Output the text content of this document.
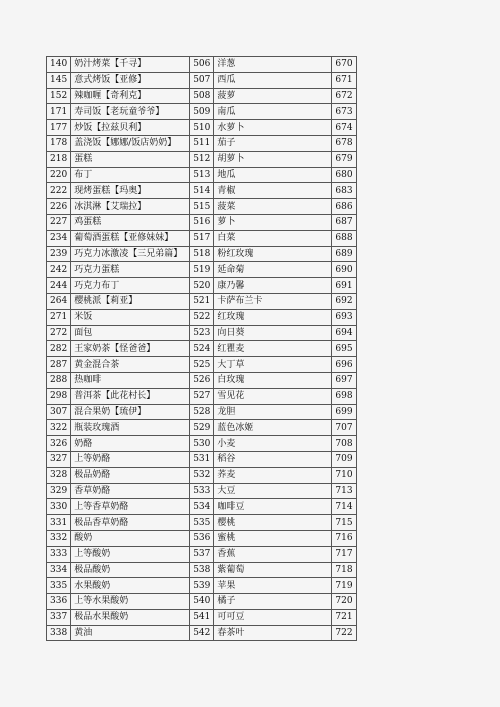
140	奶汁烤菜【千寻】	506	洋葱	670
145	意式烤饭【亚修】	507	西瓜	671
152	辣咖喱【奇利克】	508	菠萝	672
171	寿司饭【老玩童爷爷】	509	南瓜	673
177	炒饭【拉兹贝利】	510	水萝卜	674
178	盖浇饭【娜娜/饭店奶奶】	511	茄子	678
218	蛋糕	512	胡萝卜	679
220	布丁	513	地瓜	680
222	现烤蛋糕【玛奥】	514	青椒	683
226	冰淇淋【艾瑞拉】	515	菠菜	686
227	鸡蛋糕	516	萝卜	687
234	葡萄酒蛋糕【亚修妹妹】	517	白菜	688
239	巧克力冰激凌【三兄弟篇】	518	粉红玫瑰	689
242	巧克力蛋糕	519	延命菊	690
244	巧克力布丁	520	康乃馨	691
264	樱桃派【莉亚】	521	卡萨布兰卡	692
271	米饭	522	红玫瑰	693
272	面包	523	向日葵	694
282	王家奶茶【怪爸爸】	524	红瞿麦	695
287	黄金混合茶	525	大丁草	696
288	热咖啡	526	白玫瑰	697
298	普洱茶【此花村长】	527	雪见花	698
307	混合果奶【琉伊】	528	龙胆	699
322	瓶装玫瑰酒	529	蓝色冰姬	707
326	奶酪	530	小麦	708
327	上等奶酪	531	稻谷	709
328	极品奶酪	532	荞麦	710
329	香草奶酪	533	大豆	713
330	上等香草奶酪	534	咖啡豆	714
331	极品香草奶酪	535	樱桃	715
332	酸奶	536	蜜桃	716
333	上等酸奶	537	香蕉	717
334	极品酸奶	538	紫葡萄	718
335	水果酸奶	539	苹果	719
336	上等水果酸奶	540	橘子	720
337	极品水果酸奶	541	可可豆	721
338	黄油	542	春茶叶	722
